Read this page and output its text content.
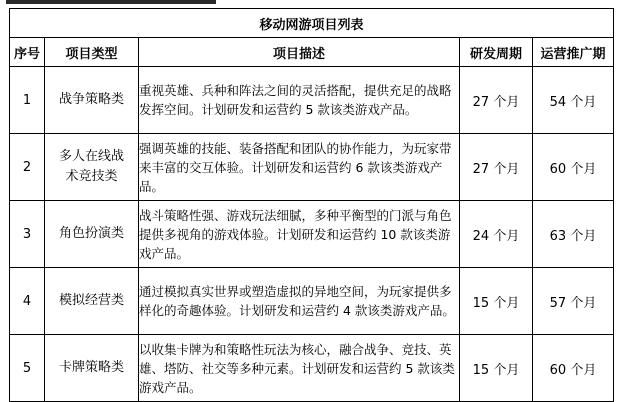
移动网游项目列表				
序号	项目类型	项目描述	研发周期	运营推广期
1	战争策略类	重视英雄、兵种和阵法之间的灵活搭配，提供充足的战略发挥空间。计划研发和运营约 5 款该类游戏产品。	27 个月	54 个月
2	多人在线战术竞技类	强调英雄的技能、装备搭配和团队的协作能力，为玩家带来丰富的交互体验。计划研发和运营约 6 款该类游戏产品。	27 个月	60 个月
3	角色扮演类	战斗策略性强、游戏玩法细腻，多种平衡型的门派与角色提供多视角的游戏体验。计划研发和运营约 10 款该类游戏产品。	24 个月	63 个月
4	模拟经营类	通过模拟真实世界或塑造虚拟的异地空间，为玩家提供多样化的奇趣体验。计划研发和运营约 4 款该类游戏产品。	15 个月	57 个月
5	卡牌策略类	以收集卡牌为和策略性玩法为核心，融合战争、竞技、英雄、塔防、社交等多种元素。计划研发和运营约 5 款该类游戏产品。	15 个月	60 个月
